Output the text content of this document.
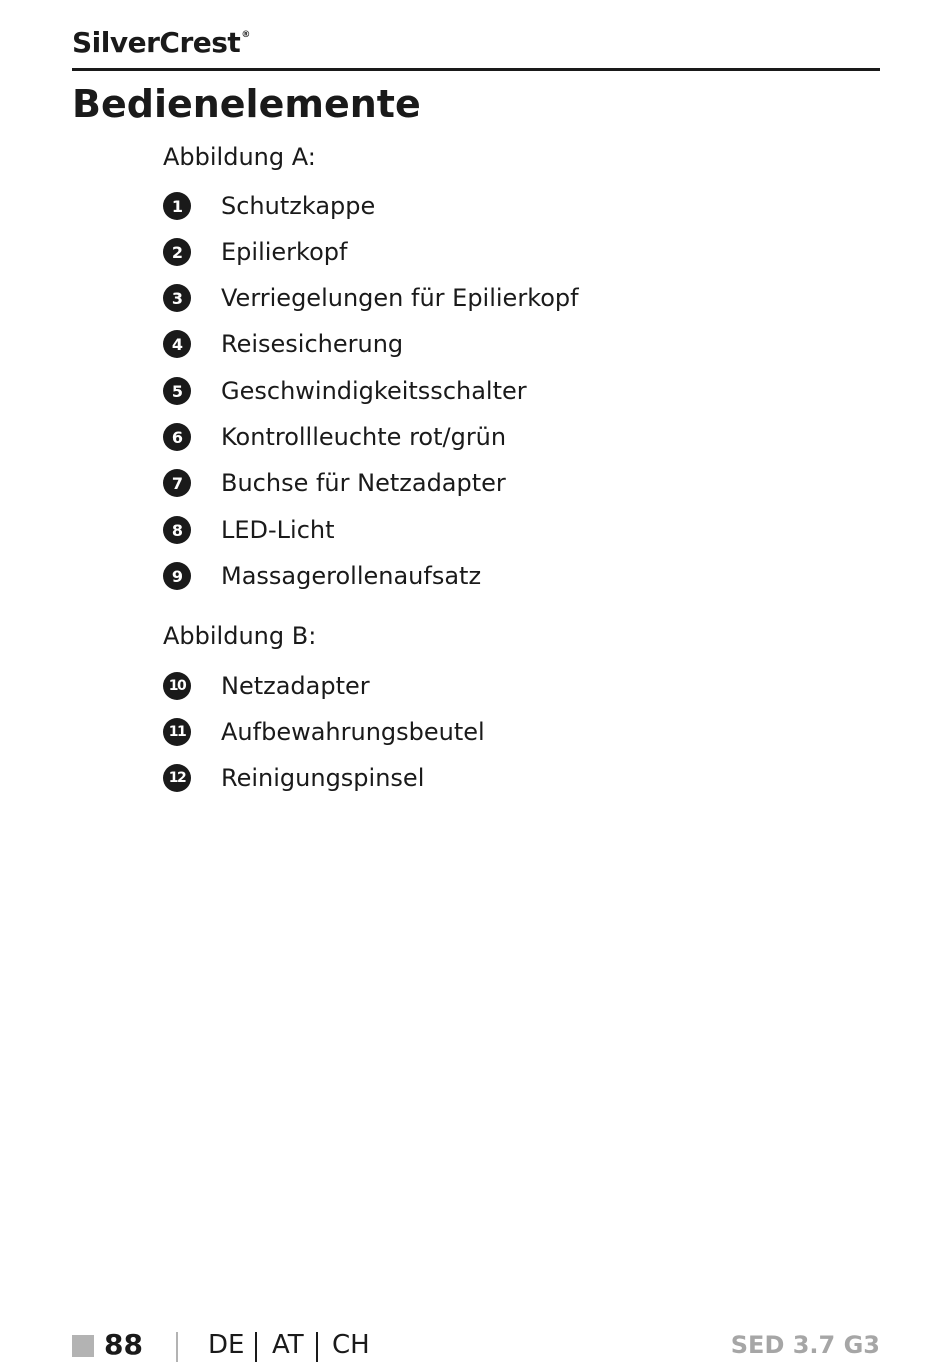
SilverCrest®
Bedienelemente
Abbildung A:
1	Schutzkappe
2	Epilierkopf
3	Verriegelungen für Epilierkopf
4	Reisesicherung
5	Geschwindigkeitsschalter
6	Kontrollleuchte rot/grün
7	Buchse für Netzadapter
8	LED-Licht
9	Massagerollenaufsatz
Abbildung B:
10 Netzadapter
11 Aufbewahrungsbeutel
12 Reinigungspinsel
88	DE AT CH	SED 3.7 G3
